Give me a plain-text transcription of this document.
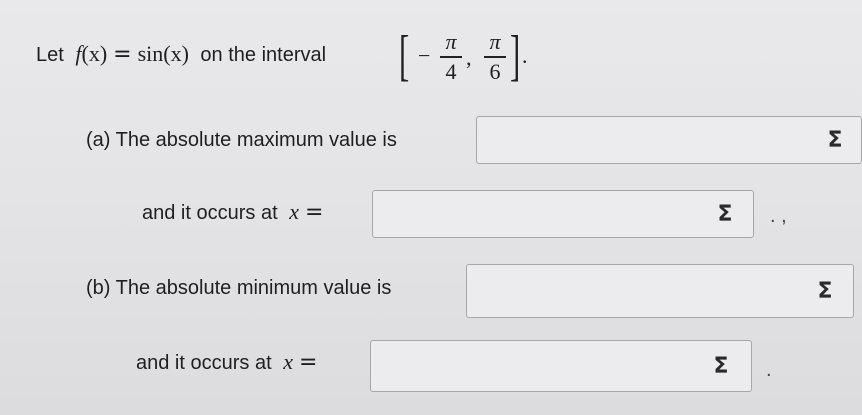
Let f(x) = sin(x) on the interval [ −
π
4
,
π
6 ] .
(a) The absolute maximum value is	Σ
and it occurs at x =	Σ	. ,
(b) The absolute minimum value is	Σ
and it occurs at x =	Σ	.
